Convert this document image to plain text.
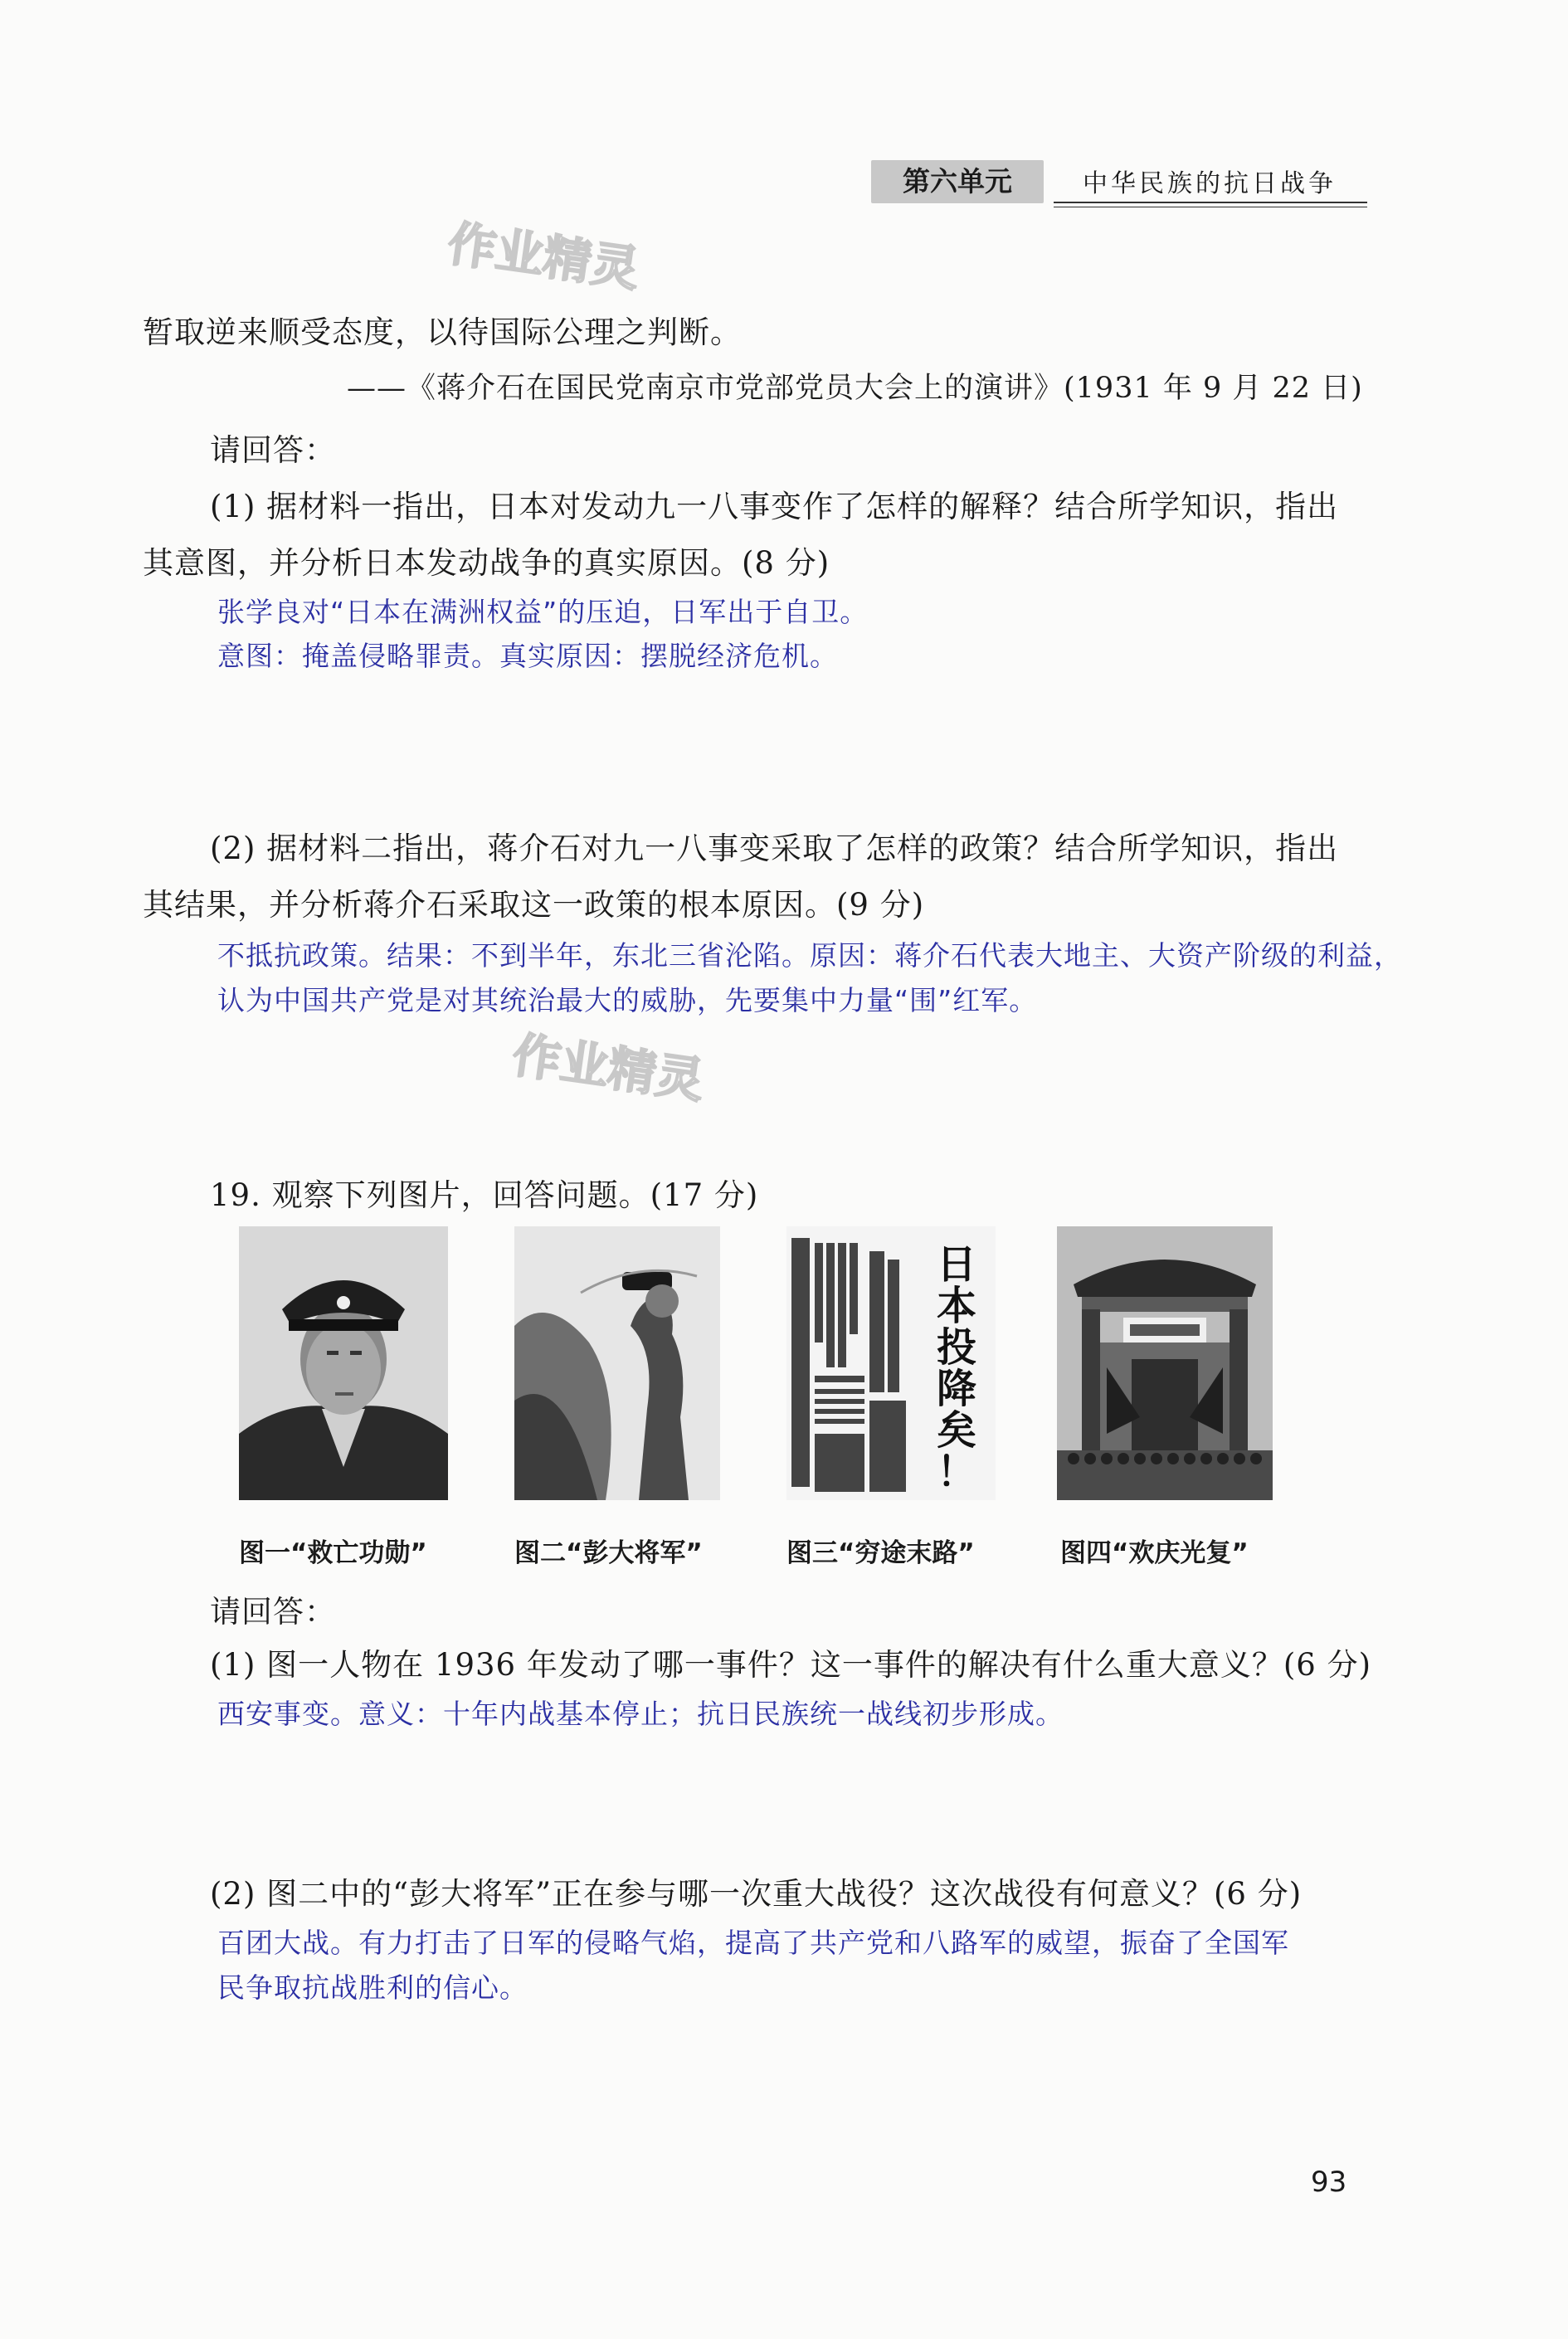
第六单元	中华民族的抗日战争
作业精灵
作业精灵
暂取逆来顺受态度，以待国际公理之判断。
——《蒋介石在国民党南京市党部党员大会上的演讲》(1931 年 9 月 22 日)
请回答：
(1) 据材料一指出，日本对发动九一八事变作了怎样的解释？结合所学知识，指出
其意图，并分析日本发动战争的真实原因。(8 分)
张学良对“日本在满洲权益”的压迫，日军出于自卫。
意图：掩盖侵略罪责。真实原因：摆脱经济危机。
(2) 据材料二指出，蒋介石对九一八事变采取了怎样的政策？结合所学知识，指出
其结果，并分析蒋介石采取这一政策的根本原因。(9 分)
不抵抗政策。结果：不到半年，东北三省沦陷。原因：蒋介石代表大地主、大资产阶级的利益，
认为中国共产党是对其统治最大的威胁，先要集中力量“围”红军。
19. 观察下列图片，回答问题。(17 分)
日
本
投
降
矣
！
图一“救亡功勋”	图二“彭大将军”	图三“穷途末路”	图四“欢庆光复”
请回答：
(1) 图一人物在 1936 年发动了哪一事件？这一事件的解决有什么重大意义？(6 分)
西安事变。意义：十年内战基本停止；抗日民族统一战线初步形成。
(2) 图二中的“彭大将军”正在参与哪一次重大战役？这次战役有何意义？(6 分)
百团大战。有力打击了日军的侵略气焰，提高了共产党和八路军的威望，振奋了全国军
民争取抗战胜利的信心。
93
